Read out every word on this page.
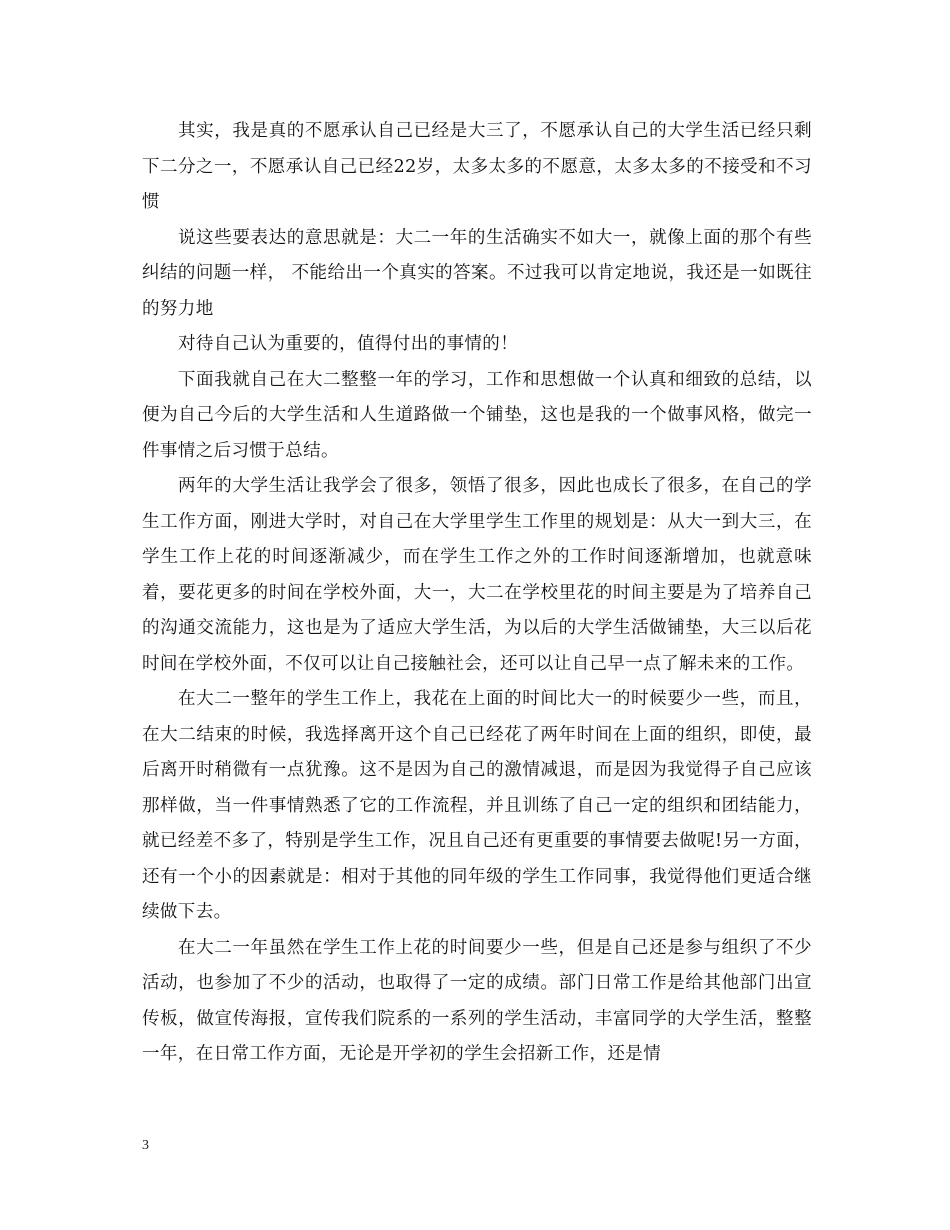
其实，我是真的不愿承认自己已经是大三了，不愿承认自己的大学生活已经只剩下二分之一，不愿承认自己已经22岁，太多太多的不愿意，太多太多的不接受和不习惯

说这些要表达的意思就是：大二一年的生活确实不如大一，就像上面的那个有些纠结的问题一样， 不能给出一个真实的答案。不过我可以肯定地说，我还是一如既往的努力地

对待自己认为重要的，值得付出的事情的！

下面我就自己在大二整整一年的学习，工作和思想做一个认真和细致的总结，以便为自己今后的大学生活和人生道路做一个铺垫，这也是我的一个做事风格，做完一件事情之后习惯于总结。

两年的大学生活让我学会了很多，领悟了很多，因此也成长了很多，在自己的学生工作方面，刚进大学时，对自己在大学里学生工作里的规划是：从大一到大三，在学生工作上花的时间逐渐减少，而在学生工作之外的工作时间逐渐增加，也就意味着，要花更多的时间在学校外面，大一，大二在学校里花的时间主要是为了培养自己的沟通交流能力，这也是为了适应大学生活，为以后的大学生活做铺垫，大三以后花时间在学校外面，不仅可以让自己接触社会，还可以让自己早一点了解未来的工作。

在大二一整年的学生工作上，我花在上面的时间比大一的时候要少一些，而且，在大二结束的时候，我选择离开这个自己已经花了两年时间在上面的组织，即使，最后离开时稍微有一点犹豫。这不是因为自己的激情减退，而是因为我觉得子自己应该那样做，当一件事情熟悉了它的工作流程，并且训练了自己一定的组织和团结能力，就已经差不多了，特别是学生工作，况且自己还有更重要的事情要去做呢!另一方面，还有一个小的因素就是：相对于其他的同年级的学生工作同事，我觉得他们更适合继续做下去。

在大二一年虽然在学生工作上花的时间要少一些，但是自己还是参与组织了不少活动，也参加了不少的活动，也取得了一定的成绩。部门日常工作是给其他部门出宣传板，做宣传海报，宣传我们院系的一系列的学生活动，丰富同学的大学生活，整整一年，在日常工作方面，无论是开学初的学生会招新工作，还是情

3
